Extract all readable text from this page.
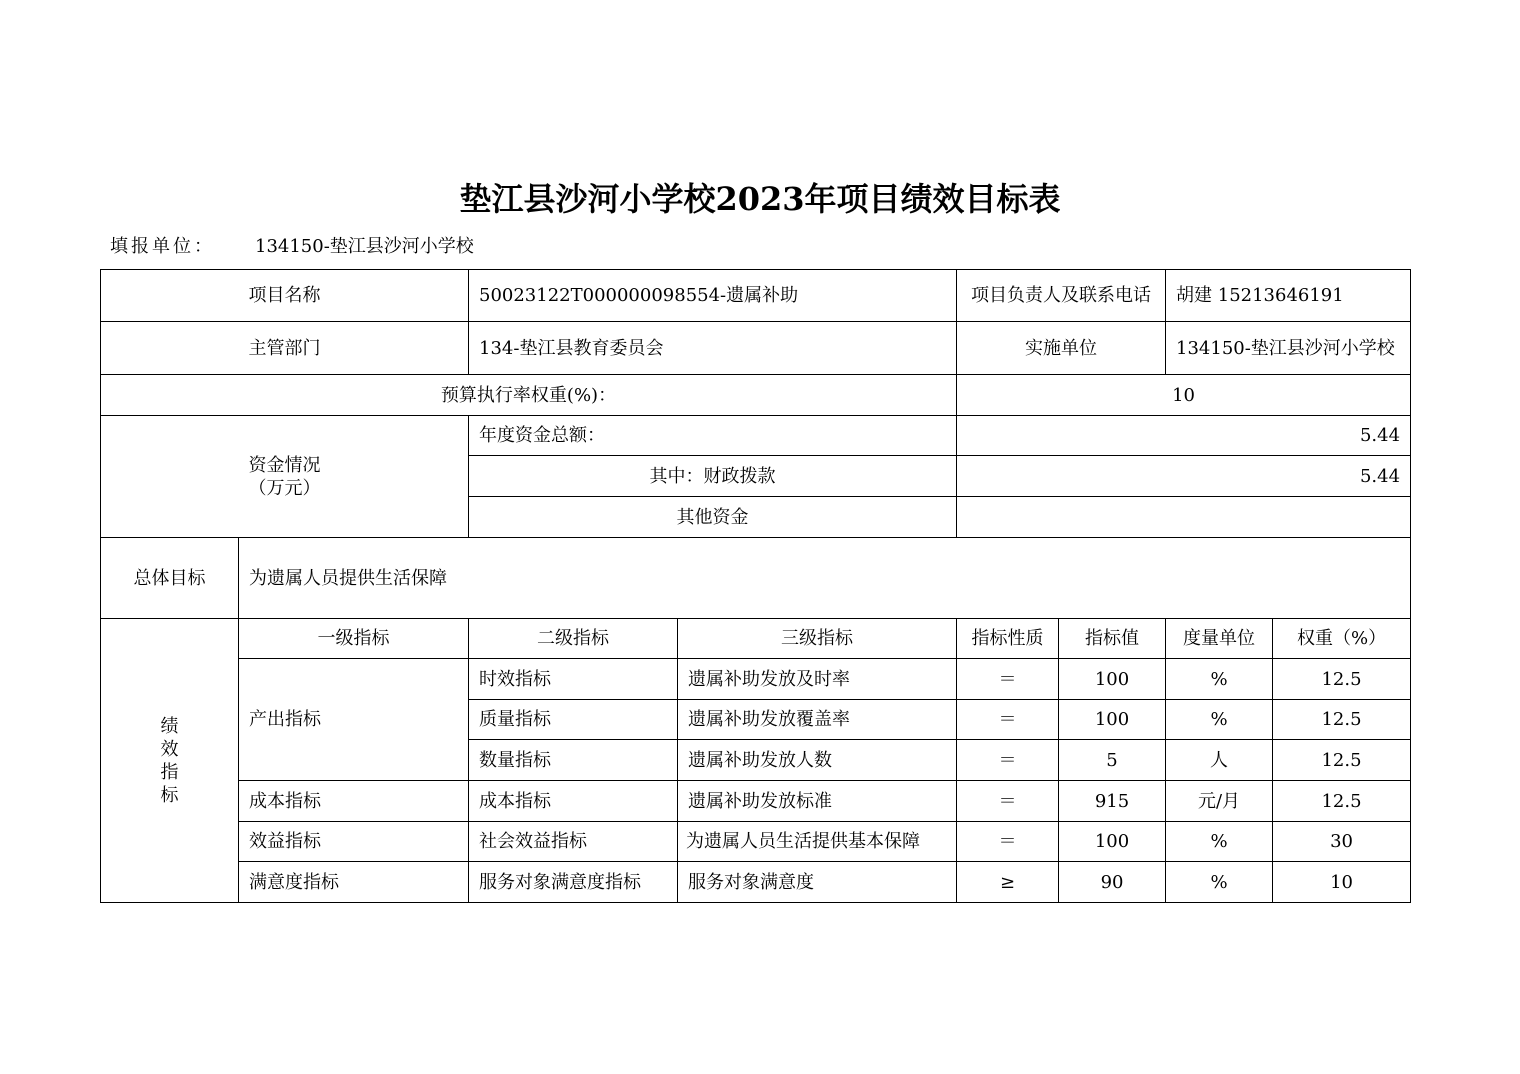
垫江县沙河小学校2023年项目绩效目标表
填报单位： 134150-垫江县沙河小学校
项目名称		50023122T000000098554-遗属补助		项目负责人及联系电话		胡建 15213646191	
主管部门		134-垫江县教育委员会		实施单位		134150-垫江县沙河小学校	
预算执行率权重(%)：				10			

资金情况
（万元）		年度资金总额：		5.44			
		其中：财政拨款		5.44			
		其他资金					
总体目标	为遗属人员提供生活保障						

绩
效
指
标	一级指标	二级指标	三级指标	指标性质	指标值	度量单位	权重（%）
	产出指标	时效指标	遗属补助发放及时率	＝	100	%	12.5
		质量指标	遗属补助发放覆盖率	＝	100	%	12.5
		数量指标	遗属补助发放人数	＝	5	人	12.5
	成本指标	成本指标	遗属补助发放标准	＝	915	元/月	12.5
	效益指标	社会效益指标	为遗属人员生活提供基本保障	＝	100	%	30
	满意度指标	服务对象满意度指标	服务对象满意度	≥	90	%	10
